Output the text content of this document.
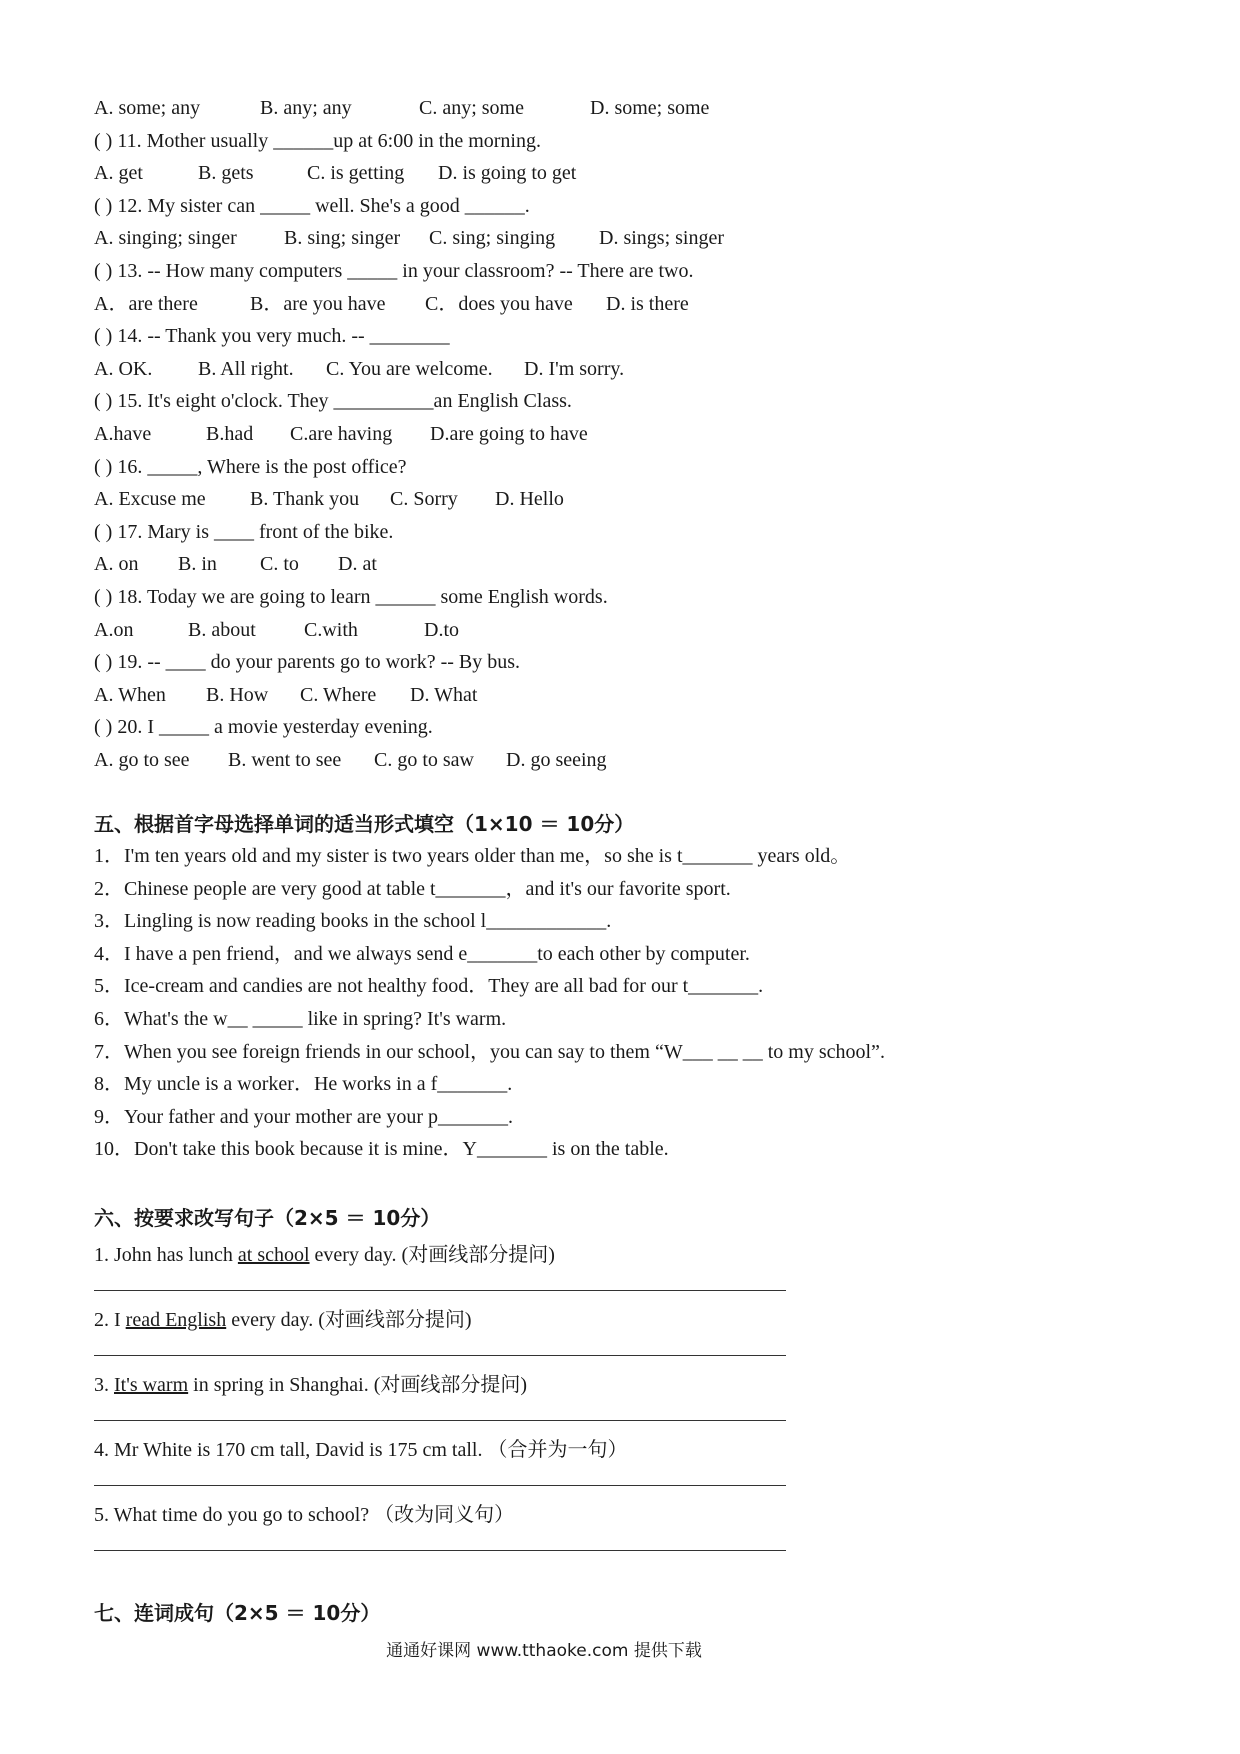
A. some; any	B. any; any	C. any; some	D. some; some
( ) 11. Mother usually ______up at 6:00 in the morning.
A. get	B. gets	C. is getting D. is going to get
( ) 12. My sister can _____ well. She's a good ______.
A. singing; singer B. sing; singer C. sing; singing D. sings; singer
( ) 13. -- How many computers _____ in your classroom? -- There are two.
A．are there	B．are you have C．does you have D. is there
( ) 14. -- Thank you very much. -- ________
A. OK. B. All right. C. You are welcome. D. I'm sorry.
( ) 15. It's eight o'clock. They __________an English Class.
A.have	B.had C.are having D.are going to have
( ) 16. _____, Where is the post office?
A. Excuse me B. Thank you C. Sorry D. Hello
( ) 17. Mary is ____ front of the bike.
A. on B. in C. to D. at
( ) 18. Today we are going to learn ______ some English words.
A.on	B. about C.with	D.to
( ) 19. -- ____ do your parents go to work? -- By bus.
A. When B. How C. Where D. What
( ) 20. I _____ a movie yesterday evening.
A. go to see B. went to see C. go to saw D. go seeing
五、根据首字母选择单词的适当形式填空（1×10 ＝ 10分）
1．I'm ten years old and my sister is two years older than me，so she is t_______ years old。
2．Chinese people are very good at table t_______，and it's our favorite sport.
3．Lingling is now reading books in the school l____________.
4．I have a pen friend，and we always send e_______to each other by computer.
5．Ice-cream and candies are not healthy food．They are all bad for our t_______.
6．What's the w__ _____ like in spring? It's warm.
7．When you see foreign friends in our school，you can say to them “W___ __ __ to my school”.
8．My uncle is a worker．He works in a f_______.
9．Your father and your mother are your p_______.
10．Don't take this book because it is mine．Y_______ is on the table.
六、按要求改写句子（2×5 ＝ 10分）
1. John has lunch at school every day. (对画线部分提问)
2. I read English every day. (对画线部分提问)
3. It's warm in spring in Shanghai. (对画线部分提问)
4. Mr White is 170 cm tall, David is 175 cm tall. （合并为一句）
5. What time do you go to school? （改为同义句）
七、连词成句（2×5 ＝ 10分）
通通好课网 www.tthaoke.com 提供下载
